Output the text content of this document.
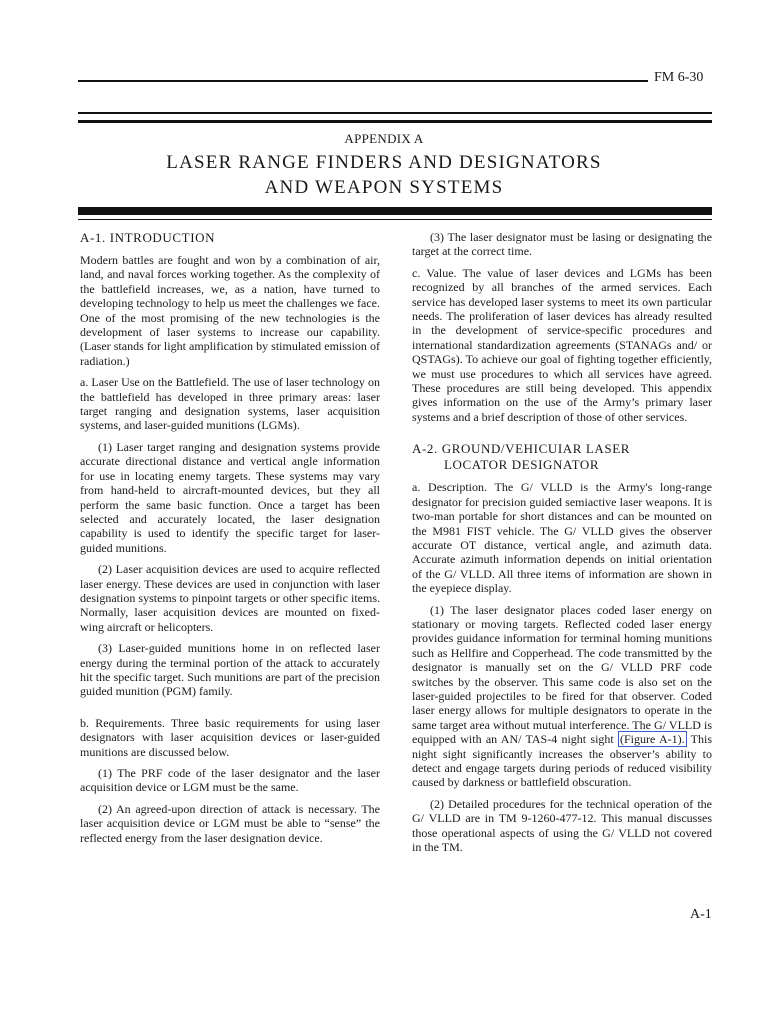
FM 6-30
APPENDIX A
LASER RANGE FINDERS AND DESIGNATORS
AND WEAPON SYSTEMS
A-1. INTRODUCTION

Modern battles are fought and won by a combination of air, land, and naval forces working together. As the complexity of the battlefield increases, we, as a nation, have turned to developing technology to help us meet the challenges we face. One of the most promising of the new technologies is the development of laser systems to increase our capability. (Laser stands for light amplification by stimulated emission of radiation.)

a. Laser Use on the Battlefield. The use of laser technology on the battlefield has developed in three primary areas: laser target ranging and designation systems, laser acquisition systems, and laser-guided munitions (LGMs).

(1) Laser target ranging and designation systems provide accurate directional distance and vertical angle information for use in locating enemy targets. These systems may vary from hand-held to aircraft-mounted devices, but they all perform the same basic function. Once a target has been selected and accurately located, the laser designation capability is used to identify the specific target for laser-guided munitions.

(2) Laser acquisition devices are used to acquire reflected laser energy. These devices are used in conjunction with laser designation systems to pinpoint targets or other specific items. Normally, laser acquisition devices are mounted on fixed-wing aircraft or helicopters.

(3) Laser-guided munitions home in on reflected laser energy during the terminal portion of the attack to accurately hit the specific target. Such munitions are part of the precision guided munition (PGM) family.

b. Requirements. Three basic requirements for using laser designators with laser acquisition devices or laser-guided munitions are discussed below.

(1) The PRF code of the laser designator and the laser acquisition device or LGM must be the same.

(2) An agreed-upon direction of attack is necessary. The laser acquisition device or LGM must be able to “sense” the reflected energy from the laser designation device.

(3) The laser designator must be lasing or designating the target at the correct time.

c. Value. The value of laser devices and LGMs has been recognized by all branches of the armed services. Each service has developed laser systems to meet its own particular needs. The proliferation of laser devices has already resulted in the development of service-specific procedures and international standardization agreements (STANAGs and/ or QSTAGs). To achieve our goal of fighting together efficiently, we must use procedures to which all services have agreed. These procedures are still being developed. This appendix gives information on the use of the Army’s primary laser systems and a brief description of those of other services.

A-2. GROUND/VEHICUIAR LASER
LOCATOR DESIGNATOR

a. Description. The G/ VLLD is the Army's long-range designator for precision guided semiactive laser weapons. It is two-man portable for short distances and can be mounted on the M981 FIST vehicle. The G/ VLLD gives the observer accurate OT distance, vertical angle, and azimuth data. Accurate azimuth information depends on initial orientation of the G/ VLLD. All three items of information are shown in the eyepiece display.

(1) The laser designator places coded laser energy on stationary or moving targets. Reflected coded laser energy provides guidance information for terminal homing munitions such as Hellfire and Copperhead. The code transmitted by the designator is manually set on the G/ VLLD PRF code switches by the observer. This same code is also set on the laser-guided projectiles to be fired for that observer. Coded laser energy allows for multiple designators to operate in the same target area without mutual interference. The G/ VLLD is equipped with an AN/ TAS-4 night sight (Figure A-1). This night sight significantly increases the observer’s ability to detect and engage targets during periods of reduced visibility caused by darkness or battlefield obscuration.

(2) Detailed procedures for the technical operation of the G/ VLLD are in TM 9-1260-477-12. This manual discusses those operational aspects of using the G/ VLLD not covered in the TM.

A-1
